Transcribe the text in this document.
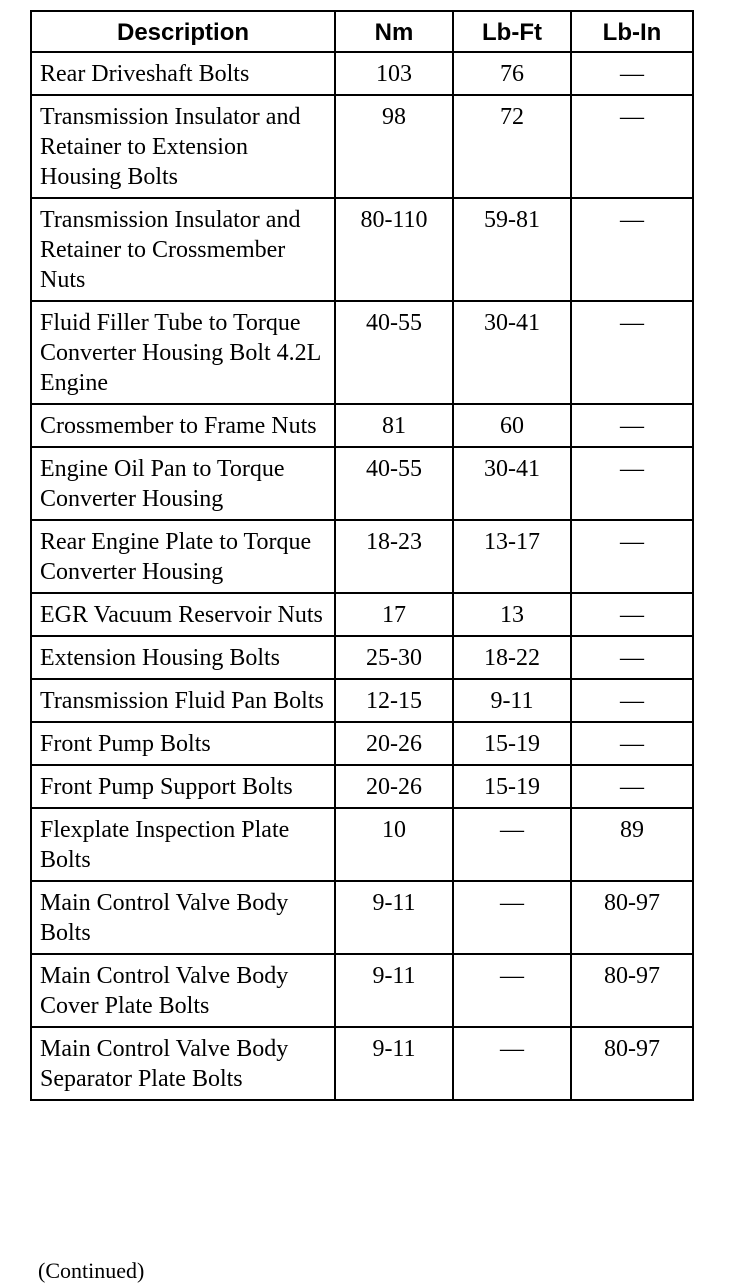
Description	Nm	Lb-Ft	Lb-In
Rear Driveshaft Bolts	103	76	—
Transmission Insulator and Retainer to Extension Housing Bolts	98	72	—
Transmission Insulator and Retainer to Crossmember Nuts	80-110	59-81	—
Fluid Filler Tube to Torque Converter Housing Bolt 4.2L Engine	40-55	30-41	—
Crossmember to Frame Nuts	81	60	—
Engine Oil Pan to Torque Converter Housing	40-55	30-41	—
Rear Engine Plate to Torque Converter Housing	18-23	13-17	—
EGR Vacuum Reservoir Nuts	17	13	—
Extension Housing Bolts	25-30	18-22	—
Transmission Fluid Pan Bolts	12-15	9-11	—
Front Pump Bolts	20-26	15-19	—
Front Pump Support Bolts	20-26	15-19	—
Flexplate Inspection Plate Bolts	10	—	89
Main Control Valve Body Bolts	9-11	—	80-97
Main Control Valve Body Cover Plate Bolts	9-11	—	80-97
Main Control Valve Body Separator Plate Bolts	9-11	—	80-97
(Continued)
